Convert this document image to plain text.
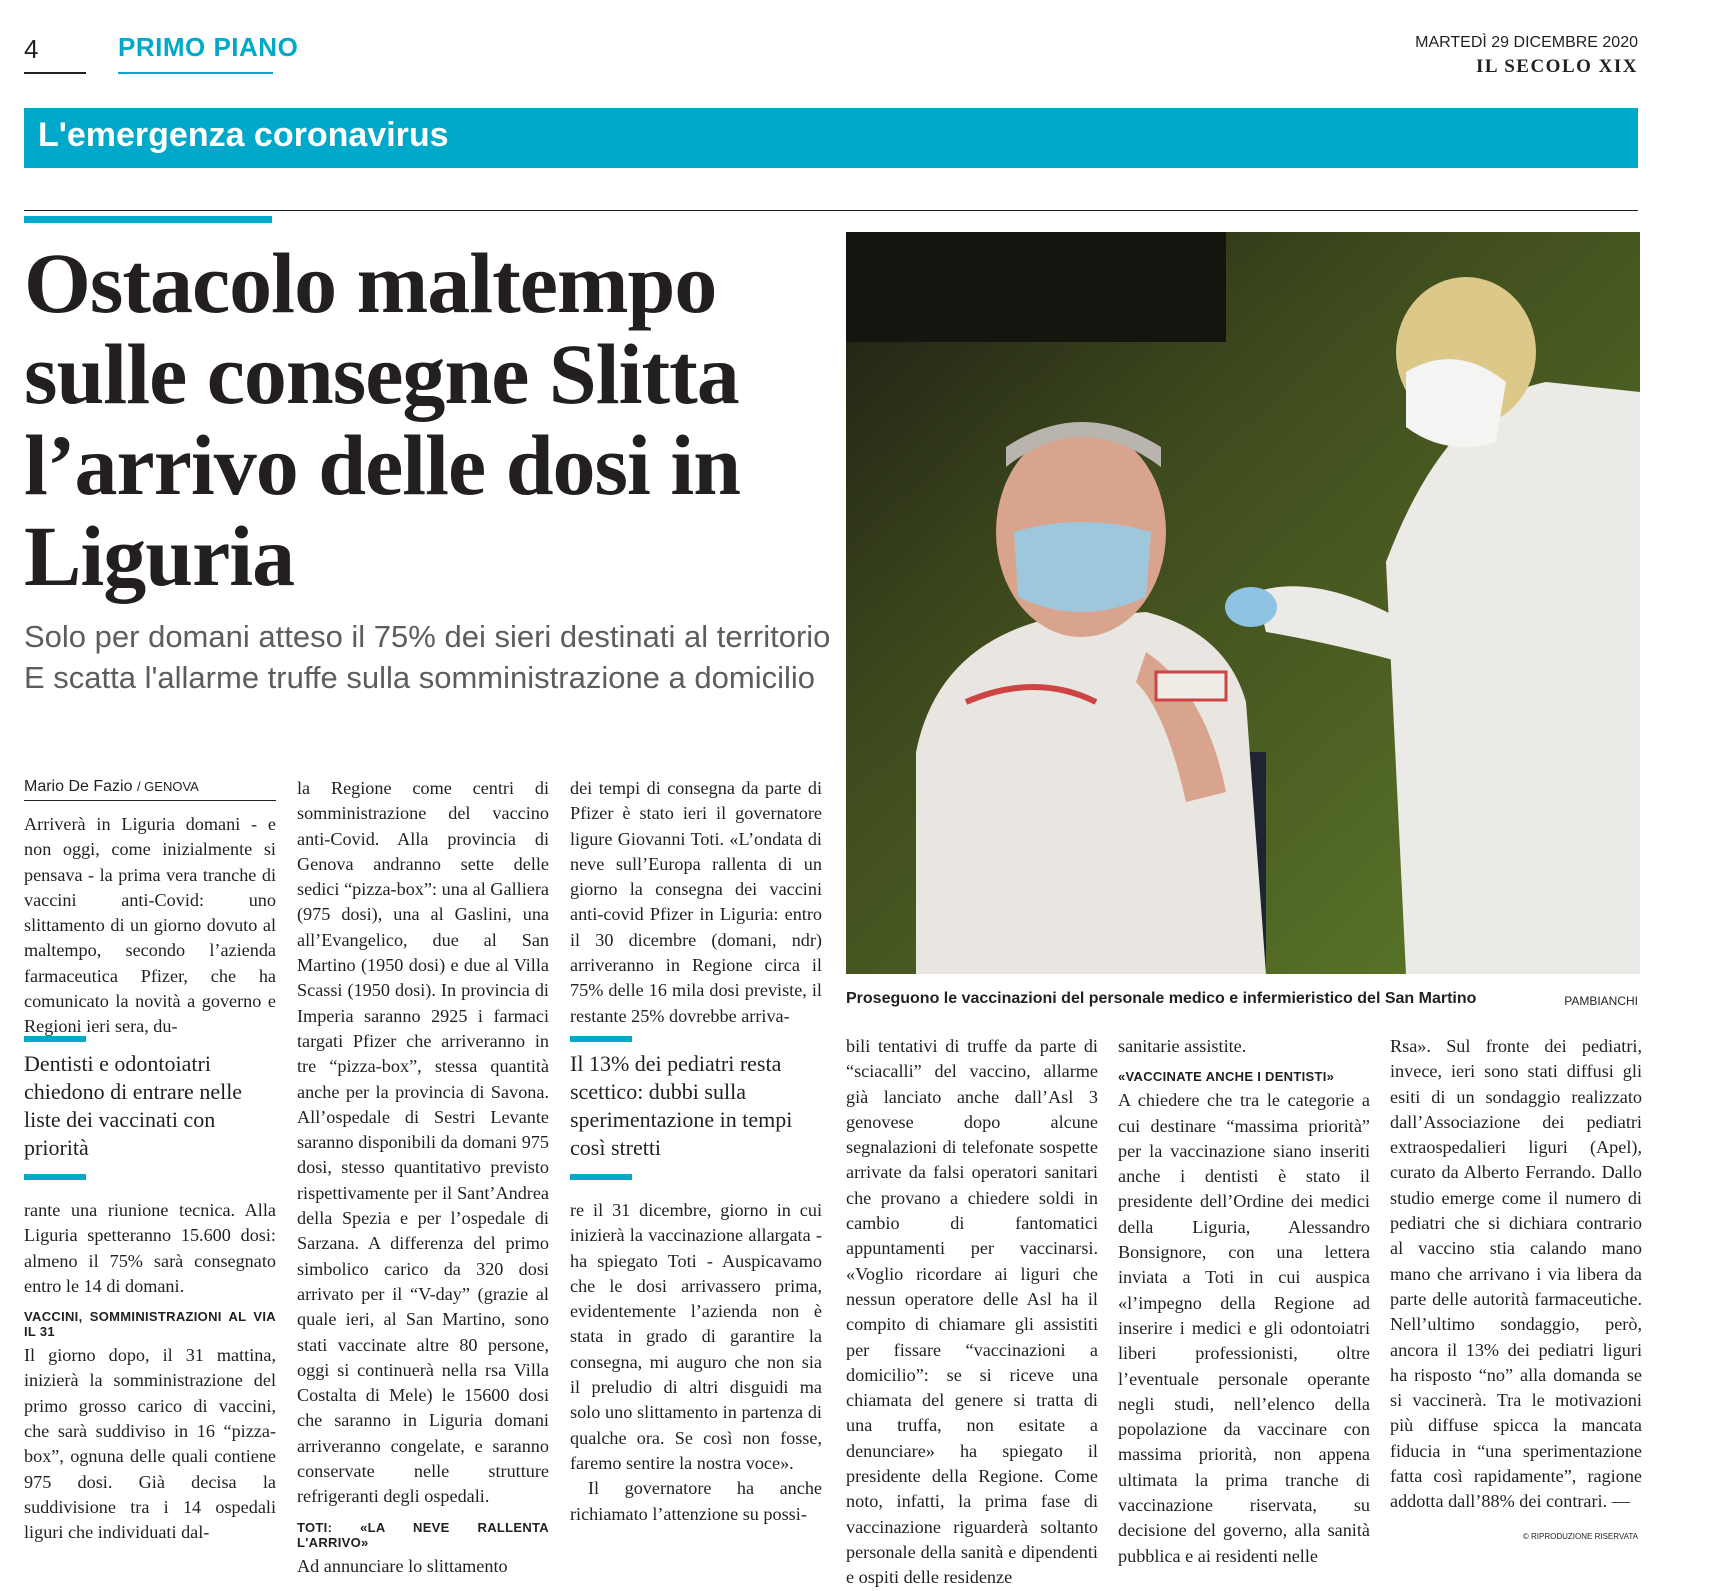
4	PRIMO PIANO	MARTEDÌ 29 DICEMBRE 2020
IL SECOLO XIX
L'emergenza coronavirus
Ostacolo maltempo sulle consegne Slitta l’arrivo delle dosi in Liguria
Solo per domani atteso il 75% dei sieri destinati al territorio
E scatta l'allarme truffe sulla somministrazione a domicilio
Proseguono le vaccinazioni del personale medico e infermieristico del San Martino	PAMBIANCHI
Mario De Fazio / GENOVA

Arriverà in Liguria domani - e non oggi, come inizialmente si pensava - la prima vera tranche di vaccini anti-Covid: uno slittamento di un giorno dovuto al maltempo, secondo l’azienda farmaceutica Pfizer, che ha comunicato la novità a governo e Regioni ieri sera, du-

Dentisti e odontoiatri chiedono di entrare nelle liste dei vaccinati con priorità

rante una riunione tecnica. Alla Liguria spetteranno 15.600 dosi: almeno il 75% sarà consegnato entro le 14 di domani.

VACCINI, SOMMINISTRAZIONI AL VIA IL 31

Il giorno dopo, il 31 mattina, inizierà la somministrazione del primo grosso carico di vaccini, che sarà suddiviso in 16 “pizza-box”, ognuna delle quali contiene 975 dosi. Già decisa la suddivisione tra i 14 ospedali liguri che individuati dal-

la Regione come centri di somministrazione del vaccino anti-Covid. Alla provincia di Genova andranno sette delle sedici “pizza-box”: una al Galliera (975 dosi), una al Gaslini, una all’Evangelico, due al San Martino (1950 dosi) e due al Villa Scassi (1950 dosi). In provincia di Imperia saranno 2925 i farmaci targati Pfizer che arriveranno in tre “pizza-box”, stessa quantità anche per la provincia di Savona. All’ospedale di Sestri Levante saranno disponibili da domani 975 dosi, stesso quantitativo previsto rispettivamente per il Sant’Andrea della Spezia e per l’ospedale di Sarzana. A differenza del primo simbolico carico da 320 dosi arrivato per il “V-day” (grazie al quale ieri, al San Martino, sono stati vaccinate altre 80 persone, oggi si continuerà nella rsa Villa Costalta di Mele) le 15600 dosi che saranno in Liguria domani arriveranno congelate, e saranno conservate nelle strutture refrigeranti degli ospedali.

TOTI: «LA NEVE RALLENTA L'ARRIVO»

Ad annunciare lo slittamento

dei tempi di consegna da parte di Pfizer è stato ieri il governatore ligure Giovanni Toti. «L’ondata di neve sull’Europa rallenta di un giorno la consegna dei vaccini anti-covid Pfizer in Liguria: entro il 30 dicembre (domani, ndr) arriveranno in Regione circa il 75% delle 16 mila dosi previste, il restante 25% dovrebbe arriva-

Il 13% dei pediatri resta scettico: dubbi sulla sperimentazione in tempi così stretti

re il 31 dicembre, giorno in cui inizierà la vaccinazione allargata - ha spiegato Toti - Auspicavamo che le dosi arrivassero prima, evidentemente l’azienda non è stata in grado di garantire la consegna, mi auguro che non sia il preludio di altri disguidi ma solo uno slittamento in partenza di qualche ora. Se così non fosse, faremo sentire la nostra voce».

Il governatore ha anche richiamato l’attenzione su possi-

bili tentativi di truffe da parte di “sciacalli” del vaccino, allarme già lanciato anche dall’Asl 3 genovese dopo alcune segnalazioni di telefonate sospette arrivate da falsi operatori sanitari che provano a chiedere soldi in cambio di fantomatici appuntamenti per vaccinarsi. «Voglio ricordare ai liguri che nessun operatore delle Asl ha il compito di chiamare gli assistiti per fissare “vaccinazioni a domicilio”: se si riceve una chiamata del genere si tratta di una truffa, non esitate a denunciare» ha spiegato il presidente della Regione. Come noto, infatti, la prima fase di vaccinazione riguarderà soltanto personale della sanità e dipendenti e ospiti delle residenze

sanitarie assistite.

«VACCINATE ANCHE I DENTISTI»

A chiedere che tra le categorie a cui destinare “massima priorità” per la vaccinazione siano inseriti anche i dentisti è stato il presidente dell’Ordine dei medici della Liguria, Alessandro Bonsignore, con una lettera inviata a Toti in cui auspica «l’impegno della Regione ad inserire i medici e gli odontoiatri liberi professionisti, oltre l’eventuale personale operante negli studi, nell’elenco della popolazione da vaccinare con massima priorità, non appena ultimata la prima tranche di vaccinazione riservata, su decisione del governo, alla sanità pubblica e ai residenti nelle

Rsa». Sul fronte dei pediatri, invece, ieri sono stati diffusi gli esiti di un sondaggio realizzato dall’Associazione dei pediatri extraospedalieri liguri (Apel), curato da Alberto Ferrando. Dallo studio emerge come il numero di pediatri che si dichiara contrario al vaccino stia calando mano mano che arrivano i via libera da parte delle autorità farmaceutiche. Nell’ultimo sondaggio, però, ancora il 13% dei pediatri liguri ha risposto “no” alla domanda se si vaccinerà. Tra le motivazioni più diffuse spicca la mancata fiducia in “una sperimentazione fatta così rapidamente”, ragione addotta dall’88% dei contrari. —

© RIPRODUZIONE RISERVATA
